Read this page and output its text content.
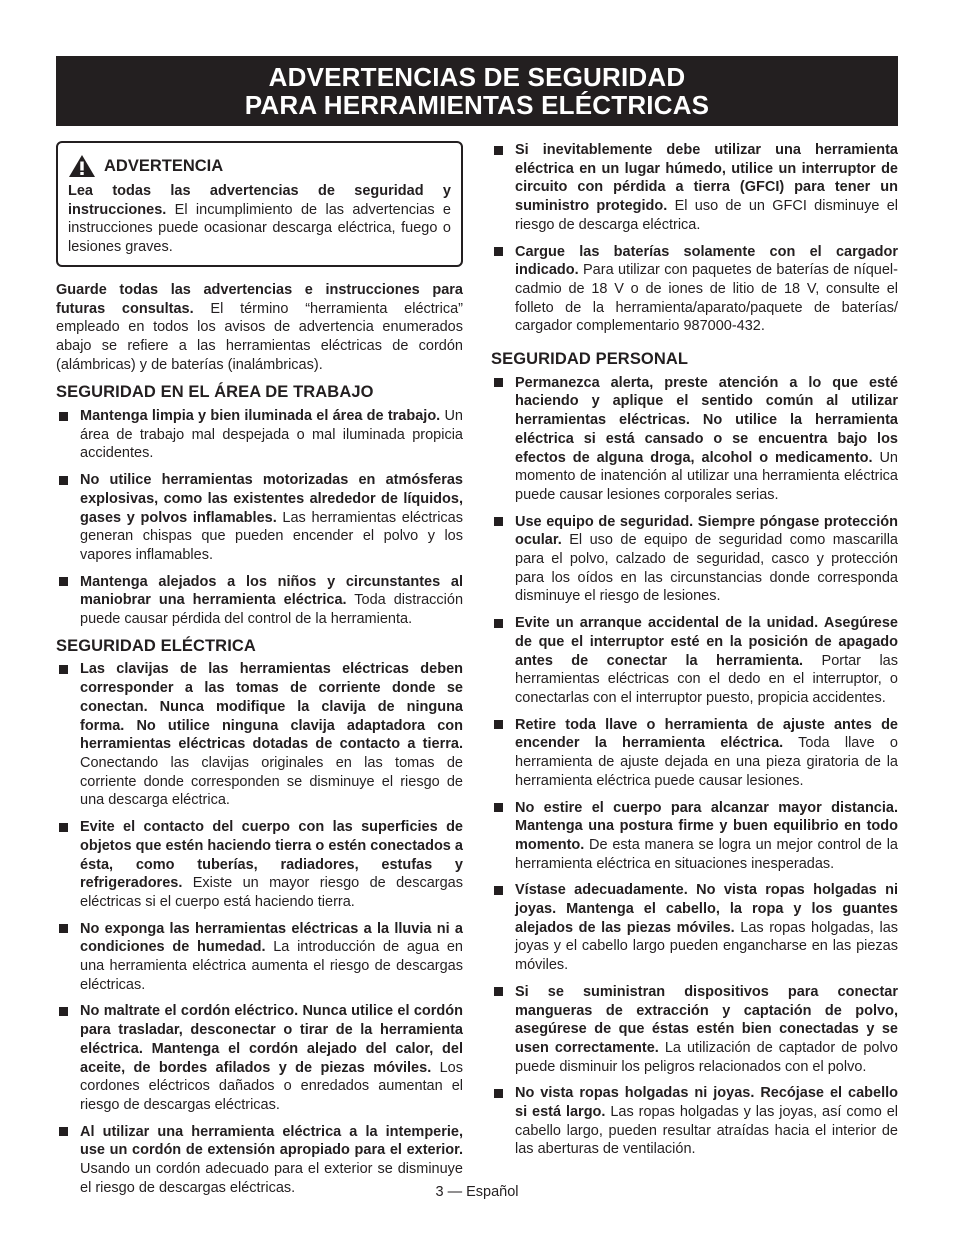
ADVERTENCIAS DE SEGURIDAD
PARA HERRAMIENTAS ELÉCTRICAS
ADVERTENCIA
Lea todas las advertencias de seguridad y instrucciones. El incumplimiento de las advertencias e instrucciones puede ocasionar descarga eléctrica, fuego o lesiones graves.

Guarde todas las advertencias e instrucciones para futuras consultas. El término “herramienta eléctrica” empleado en todos los avisos de advertencia enumerados abajo se refiere a las herramientas eléctricas de cordón (alámbricas) y de baterías (inalámbricas).

SEGURIDAD EN EL ÁREA DE TRABAJO
Mantenga limpia y bien iluminada el área de trabajo. Un área de trabajo mal despejada o mal iluminada propicia accidentes.
No utilice herramientas motorizadas en atmósferas explosivas, como las existentes alrededor de líquidos, gases y polvos inflamables. Las herramientas eléctricas generan chispas que pueden encender el polvo y los vapores inflamables.
Mantenga alejados a los niños y circunstantes al maniobrar una herramienta eléctrica. Toda distracción puede causar pérdida del control de la herramienta.
SEGURIDAD ELÉCTRICA
Las clavijas de las herramientas eléctricas deben corresponder a las tomas de corriente donde se conectan. Nunca modifique la clavija de ninguna forma. No utilice ninguna clavija adaptadora con herramientas eléctricas dotadas de contacto a tierra. Conectando las clavijas originales en las tomas de corriente donde corresponden se disminuye el riesgo de una descarga eléctrica.
Evite el contacto del cuerpo con las superficies de objetos que estén haciendo tierra o estén conectados a ésta, como tuberías, radiadores, estufas y refrigeradores. Existe un mayor riesgo de descargas eléctricas si el cuerpo está haciendo tierra.
No exponga las herramientas eléctricas a la lluvia ni a condiciones de humedad. La introducción de agua en una herramienta eléctrica aumenta el riesgo de descargas eléctricas.
No maltrate el cordón eléctrico. Nunca utilice el cordón para trasladar, desconectar o tirar de la herramienta eléctrica. Mantenga el cordón alejado del calor, del aceite, de bordes afilados y de piezas móviles. Los cordones eléctricos dañados o enredados aumentan el riesgo de descargas eléctricas.
Al utilizar una herramienta eléctrica a la intemperie, use un cordón de extensión apropiado para el exterior. Usando un cordón adecuado para el exterior se disminuye el riesgo de descargas eléctricas.
Si inevitablemente debe utilizar una herramienta eléctrica en un lugar húmedo, utilice un interruptor de circuito con pérdida a tierra (GFCI) para tener un suministro protegido. El uso de un GFCI disminuye el riesgo de descarga eléctrica.
Cargue las baterías solamente con el cargador indicado. Para utilizar con paquetes de baterías de níquel-cadmio de 18 V o de iones de litio de 18 V, consulte el folleto de la herramienta/aparato/paquete de baterías/ cargador complementario 987000-432.
SEGURIDAD PERSONAL
Permanezca alerta, preste atención a lo que esté haciendo y aplique el sentido común al utilizar herramientas eléctricas. No utilice la herramienta eléctrica si está cansado o se encuentra bajo los efectos de alguna droga, alcohol o medicamento. Un momento de inatención al utilizar una herramienta eléctrica puede causar lesiones corporales serias.
Use equipo de seguridad. Siempre póngase protección ocular. El uso de equipo de seguridad como mascarilla para el polvo, calzado de seguridad, casco y protección para los oídos en las circunstancias donde corresponda disminuye el riesgo de lesiones.
Evite un arranque accidental de la unidad. Asegúrese de que el interruptor esté en la posición de apagado antes de conectar la herramienta. Portar las herramientas eléctricas con el dedo en el interruptor, o conectarlas con el interruptor puesto, propicia accidentes.
Retire toda llave o herramienta de ajuste antes de encender la herramienta eléctrica. Toda llave o herramienta de ajuste dejada en una pieza giratoria de la herramienta eléctrica puede causar lesiones.
No estire el cuerpo para alcanzar mayor distancia. Mantenga una postura firme y buen equilibrio en todo momento. De esta manera se logra un mejor control de la herramienta eléctrica en situaciones inesperadas.
Vístase adecuadamente. No vista ropas holgadas ni joyas. Mantenga el cabello, la ropa y los guantes alejados de las piezas móviles. Las ropas holgadas, las joyas y el cabello largo pueden engancharse en las piezas móviles.
Si se suministran dispositivos para conectar mangueras de extracción y captación de polvo, asegúrese de que éstas estén bien conectadas y se usen correctamente. La utilización de captador de polvo puede disminuir los peligros relacionados con el polvo.
No vista ropas holgadas ni joyas. Recójase el cabello si está largo. Las ropas holgadas y las joyas, así como el cabello largo, pueden resultar atraídas hacia el interior de las aberturas de ventilación.
3 — Español
